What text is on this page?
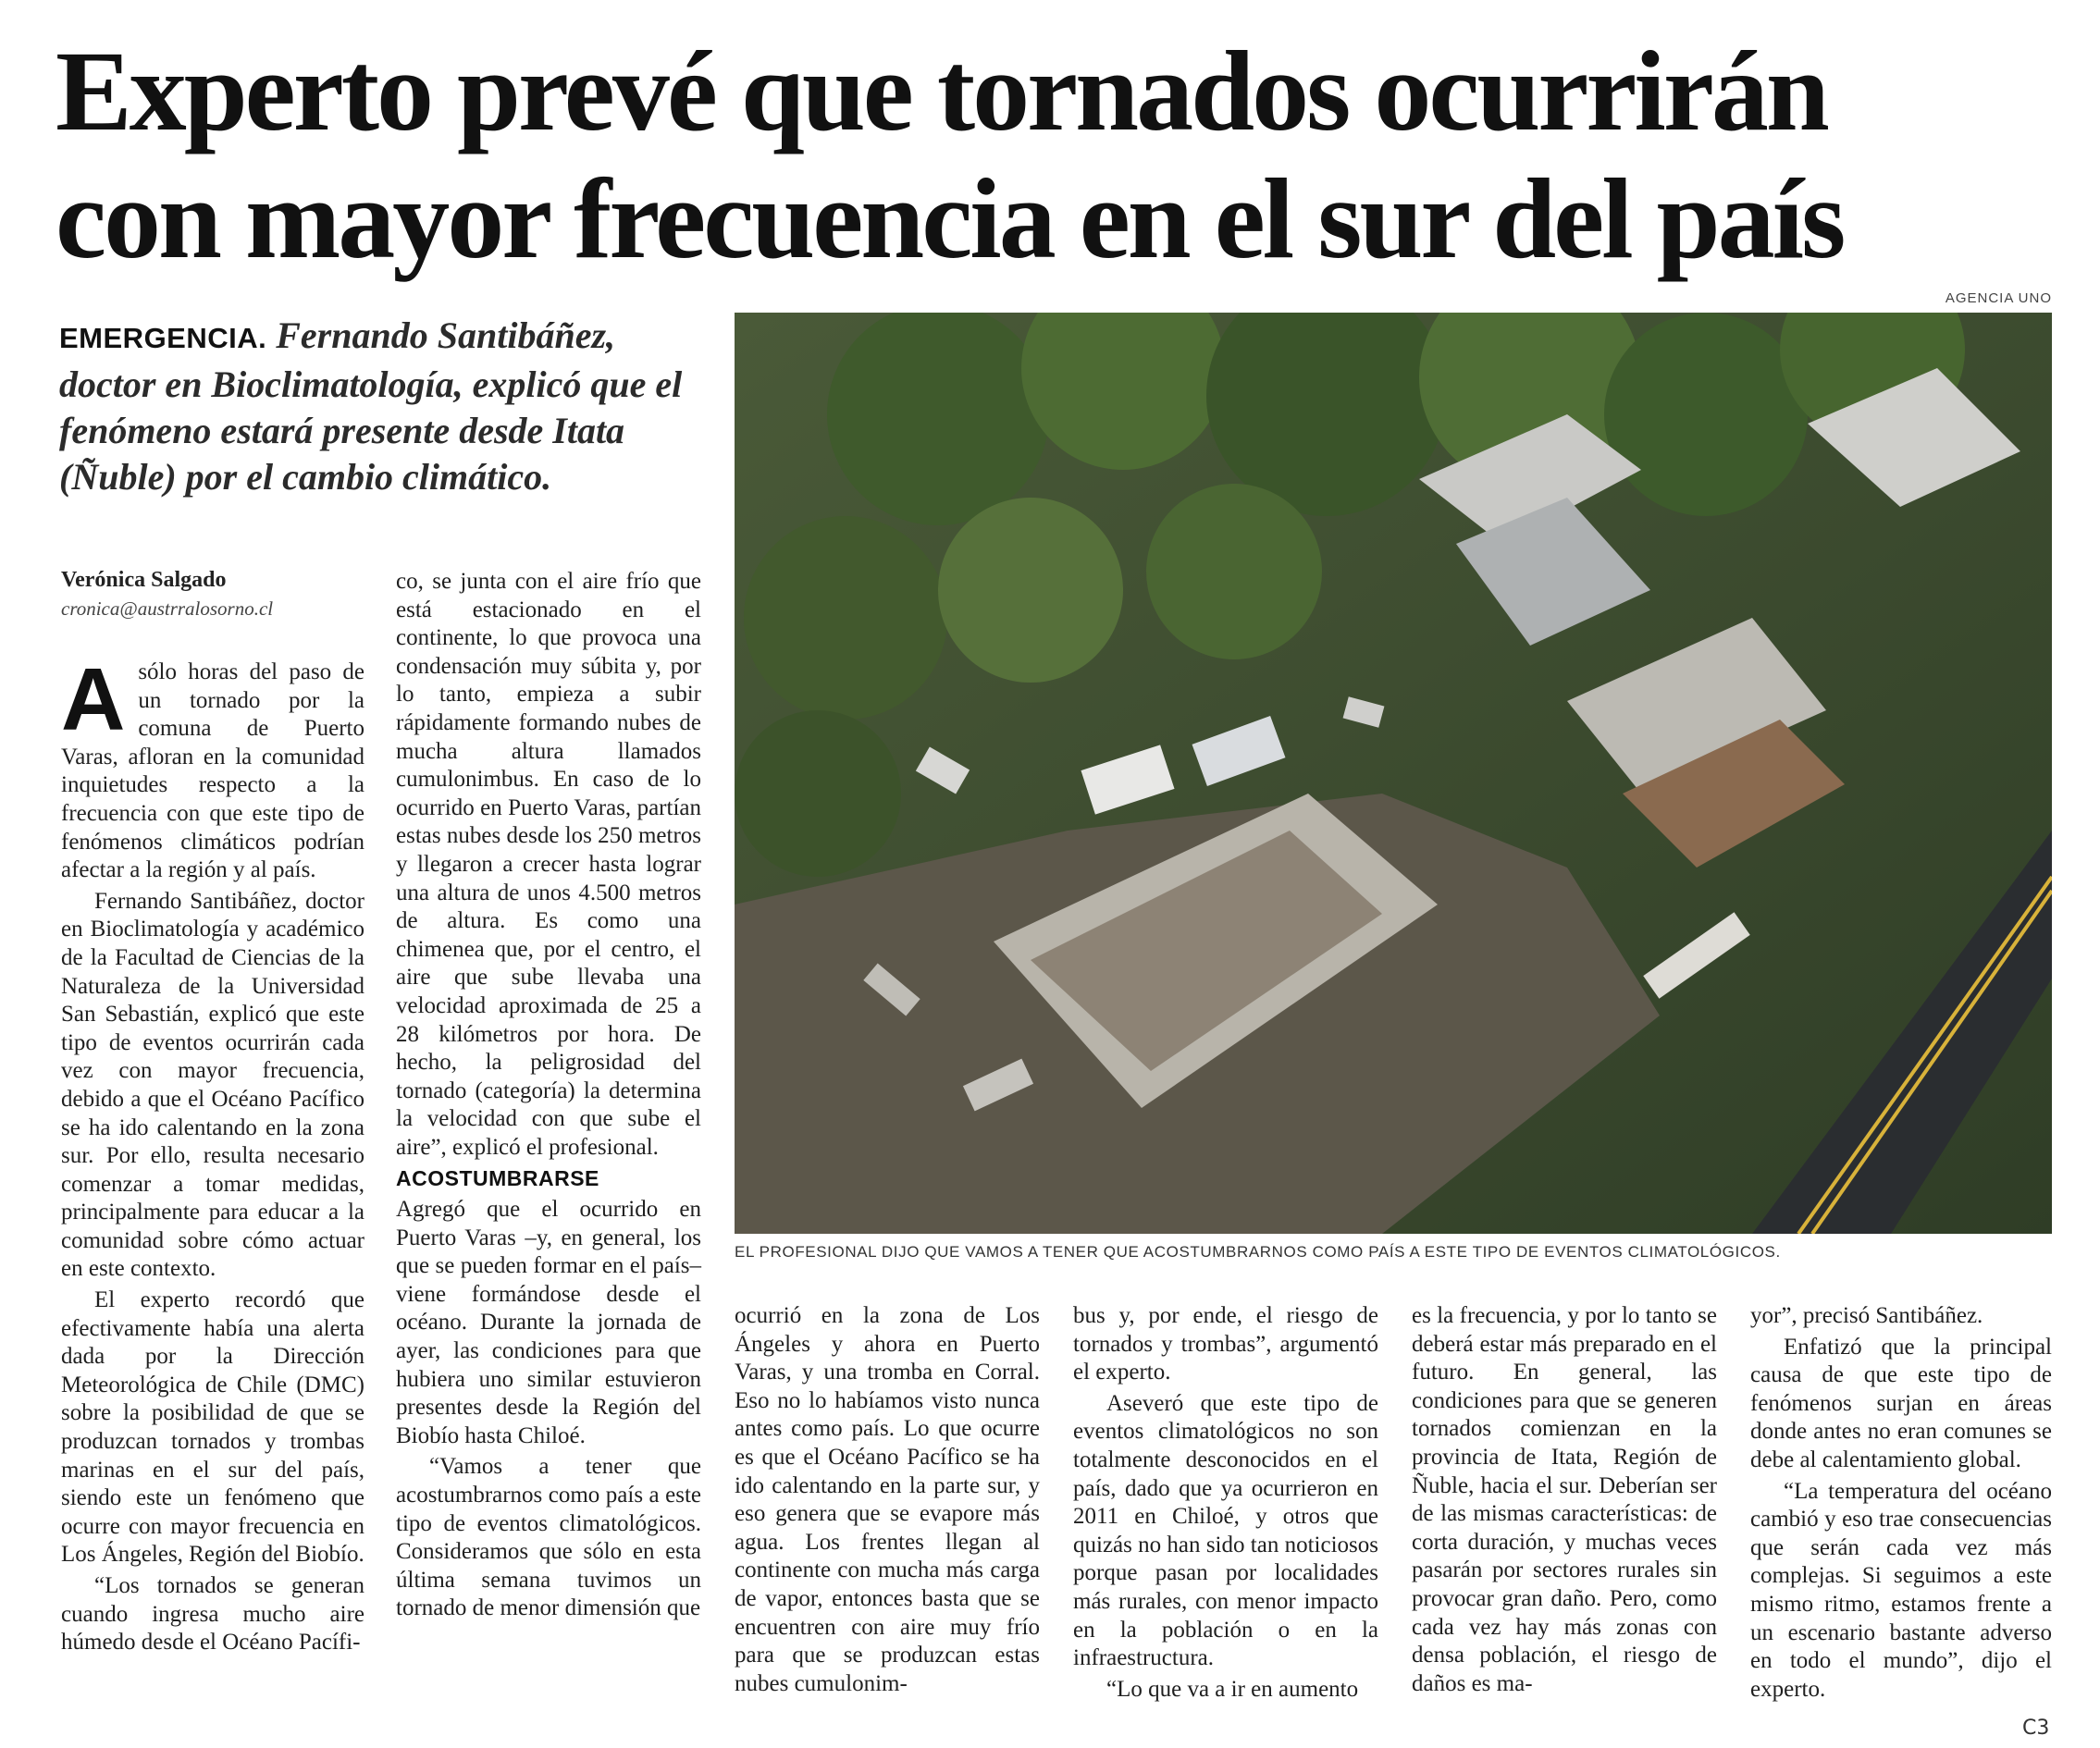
Experto prevé que tornados ocurrirán
con mayor frecuencia en el sur del país
AGENCIA UNO
EMERGENCIA. Fernando Santibáñez, doctor en Bioclimatología, explicó que el fenómeno estará presente desde Itata (Ñuble) por el cambio climático.
Verónica Salgado
cronica@austrralosorno.cl
EL PROFESIONAL DIJO QUE VAMOS A TENER QUE ACOSTUMBRARNOS COMO PAÍS A ESTE TIPO DE EVENTOS CLIMATOLÓGICOS.

Asólo horas del paso de un tornado por la comuna de Puerto Varas, afloran en la comunidad inquietudes respecto a la frecuencia con que este tipo de fenómenos climáticos podrían afectar a la región y al país.

Fernando Santibáñez, doctor en Bioclimatología y académico de la Facultad de Ciencias de la Naturaleza de la Universidad San Sebastián, explicó que este tipo de eventos ocurrirán cada vez con mayor frecuencia, debido a que el Océano Pacífico se ha ido calentando en la zona sur. Por ello, resulta necesario comenzar a tomar medidas, principalmente para educar a la comunidad sobre cómo actuar en este contexto.

El experto recordó que efectivamente había una alerta dada por la Dirección Meteorológica de Chile (DMC) sobre la posibilidad de que se produzcan tornados y trombas marinas en el sur del país, siendo este un fenómeno que ocurre con mayor frecuencia en Los Ángeles, Región del Biobío.

“Los tornados se generan cuando ingresa mucho aire húmedo desde el Océano Pacífi-

co, se junta con el aire frío que está estacionado en el continente, lo que provoca una condensación muy súbita y, por lo tanto, empieza a subir rápidamente formando nubes de mucha altura llamados cumulonimbus. En caso de lo ocurrido en Puerto Varas, partían estas nubes desde los 250 metros y llegaron a crecer hasta lograr una altura de unos 4.500 metros de altura. Es como una chimenea que, por el centro, el aire que sube llevaba una velocidad aproximada de 25 a 28 kilómetros por hora. De hecho, la peligrosidad del tornado (categoría) la determina la velocidad con que sube el aire”, explicó el profesional.

ACOSTUMBRARSE

Agregó que el ocurrido en Puerto Varas –y, en general, los que se pueden formar en el país– viene formándose desde el océano. Durante la jornada de ayer, las condiciones para que hubiera uno similar estuvieron presentes desde la Región del Biobío hasta Chiloé.

“Vamos a tener que acostumbrarnos como país a este tipo de eventos climatológicos. Consideramos que sólo en esta última semana tuvimos un tornado de menor dimensión que

ocurrió en la zona de Los Ángeles y ahora en Puerto Varas, y una tromba en Corral. Eso no lo habíamos visto nunca antes como país. Lo que ocurre es que el Océano Pacífico se ha ido calentando en la parte sur, y eso genera que se evapore más agua. Los frentes llegan al continente con mucha más carga de vapor, entonces basta que se encuentren con aire muy frío para que se produzcan estas nubes cumulonim-

bus y, por ende, el riesgo de tornados y trombas”, argumentó el experto.

Aseveró que este tipo de eventos climatológicos no son totalmente desconocidos en el país, dado que ya ocurrieron en 2011 en Chiloé, y otros que quizás no han sido tan noticiosos porque pasan por localidades más rurales, con menor impacto en la población o en la infraestructura.

“Lo que va a ir en aumento

es la frecuencia, y por lo tanto se deberá estar más preparado en el futuro. En general, las condiciones para que se generen tornados comienzan en la provincia de Itata, Región de Ñuble, hacia el sur. Deberían ser de las mismas características: de corta duración, y muchas veces pasarán por sectores rurales sin provocar gran daño. Pero, como cada vez hay más zonas con densa población, el riesgo de daños es ma-

yor”, precisó Santibáñez.

Enfatizó que la principal causa de que este tipo de fenómenos surjan en áreas donde antes no eran comunes se debe al calentamiento global.

“La temperatura del océano cambió y eso trae consecuencias que serán cada vez más complejas. Si seguimos a este mismo ritmo, estamos frente a un escenario bastante adverso en todo el mundo”, dijo el experto.

C3
